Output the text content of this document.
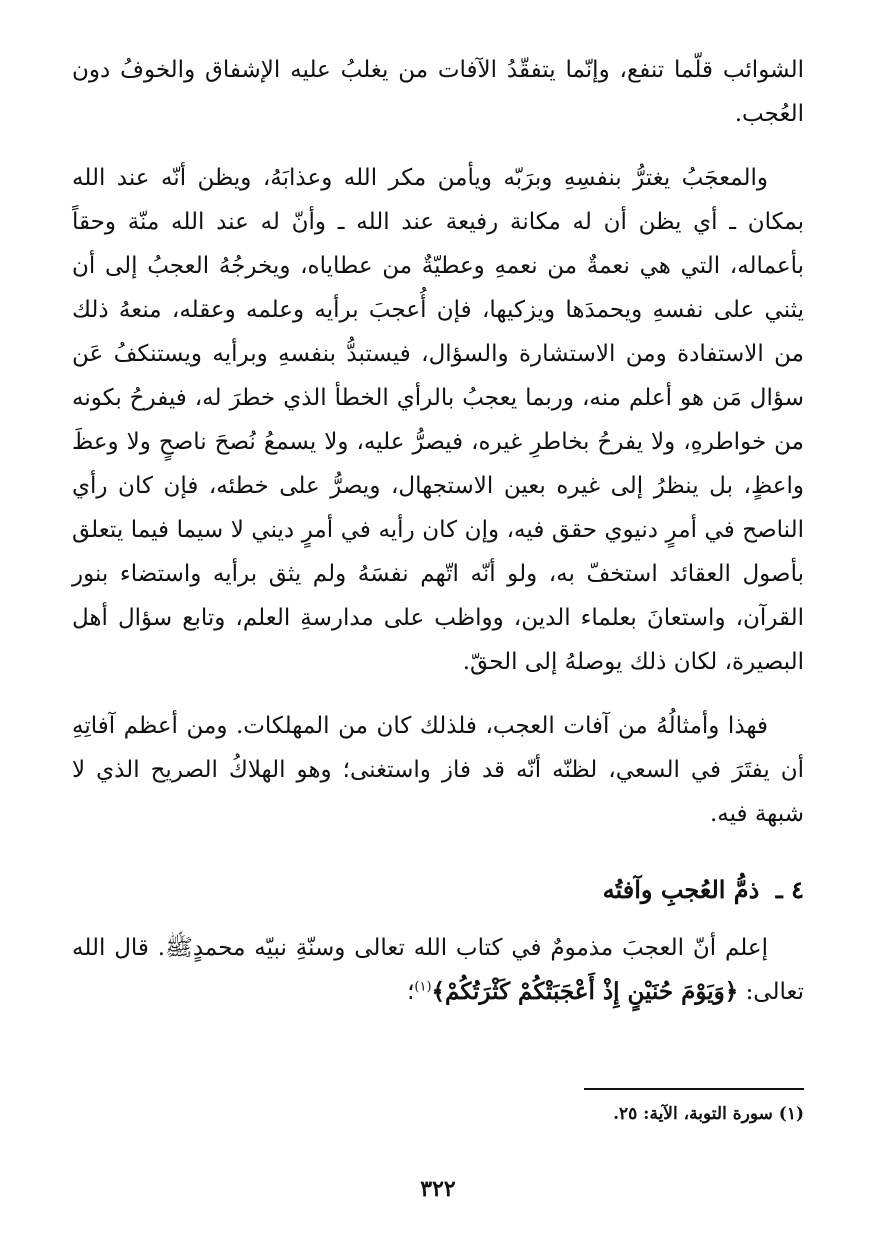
الشوائب قلّما تنفع، وإنّما يتفقّدُ الآفات من يغلبُ عليه الإشفاق والخوفُ دون العُجب.

والمعجَبُ يغترُّ بنفسِهِ وبرَبّه ويأمن مكر الله وعذابَهُ، ويظن أنّه عند الله بمكان ـ أي يظن أن له مكانة رفيعة عند الله ـ وأنّ له عند الله منّة وحقاً بأعماله، التي هي نعمةٌ من نعمهِ وعطيّةٌ من عطاياه، ويخرجُهُ العجبُ إلى أن يثني على نفسهِ ويحمدَها ويزكيها، فإن أُعجبَ برأيه وعلمه وعقله، منعهُ ذلك من الاستفادة ومن الاستشارة والسؤال، فيستبدُّ بنفسهِ وبرأيه ويستنكفُ عَن سؤال مَن هو أعلم منه، وربما يعجبُ بالرأي الخطأ الذي خطرَ له، فيفرحُ بكونه من خواطرهِ، ولا يفرحُ بخاطرِ غيره، فيصرُّ عليه، ولا يسمعُ نُصحَ ناصحٍ ولا وعظَ واعظٍ، بل ينظرُ إلى غيره بعين الاستجهال، ويصرُّ على خطئه، فإن كان رأي الناصح في أمرٍ دنيوي حقق فيه، وإن كان رأيه في أمرٍ ديني لا سيما فيما يتعلق بأصول العقائد استخفّ به، ولو أنّه اتّهم نفسَهُ ولم يثق برأيه واستضاء بنور القرآن، واستعانَ بعلماء الدين، وواظب على مدارسةِ العلم، وتابع سؤال أهل البصيرة، لكان ذلك يوصلهُ إلى الحقّ.

فهذا وأمثالُهُ من آفات العجب، فلذلك كان من المهلكات. ومن أعظم آفاتِهِ أن يفتَرَ في السعي، لظنّه أنّه قد فاز واستغنى؛ وهو الهلاكُ الصريح الذي لا شبهة فيه.

٤ ـ ذمُّ العُجبِ وآفتُه

إعلم أنّ العجبَ مذمومٌ في كتاب الله تعالى وسنّةِ نبيّه محمدٍﷺ. قال الله تعالى: ﴿وَيَوْمَ حُنَيْنٍ إِذْ أَعْجَبَتْكُمْ كَثْرَتُكُمْ﴾$^{(١)}$؛

(١) سورة التوبة، الآية: ٢٥.
٣٢٢
